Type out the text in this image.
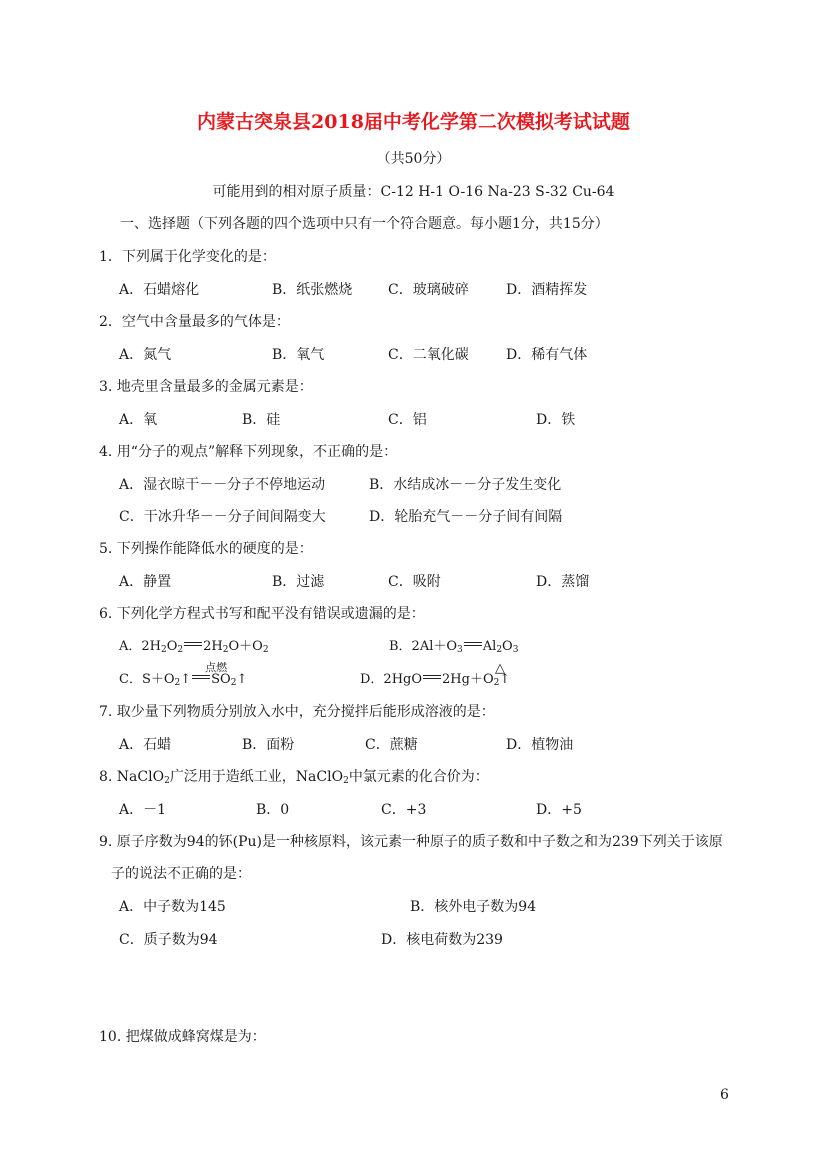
内蒙古突泉县2018届中考化学第二次模拟考试试题
（共50分）
可能用到的相对原子质量：C-12 H-1 O-16 Na-23 S-32 Cu-64
一、选择题（下列各题的四个选项中只有一个符合题意。每小题1分，共15分）
1．下列属于化学变化的是：
A．石蜡熔化	B．纸张燃烧	C．玻璃破碎	D．酒精挥发
2．空气中含量最多的气体是：
A．氮气	B．氧气	C．二氧化碳	D．稀有气体
3. 地壳里含量最多的金属元素是：
A．氧	B．硅	C．铝	D．铁
4. 用“分子的观点”解释下列现象，不正确的是：
A．湿衣晾干－－分子不停地运动	B．水结成冰－－分子发生变化
C．干冰升华－－分子间间隔变大	D．轮胎充气－－分子间有间隔
5. 下列操作能降低水的硬度的是：
A．静置	B．过滤	C．吸附	D．蒸馏
6. 下列化学方程式书写和配平没有错误或遗漏的是：
A．$2H_2O_2$ $2H_2O+O_2$	B．$2Al+O_3$ $Al_2O_3$
C．$S+O_2↑$
点燃
$SO_2↑$	D．2HgO $2Hg+O_2↑$
△
7. 取少量下列物质分别放入水中，充分搅拌后能形成溶液的是：
A．石蜡	B．面粉	C．蔗糖	D．植物油
8. NaClO$_2$广泛用于造纸工业，NaClO$_2$中氯元素的化合价为：
A．－1	B．0	C．+3	D．+5
9. 原子序数为94的钚(Pu)是一种核原料，该元素一种原子的质子数和中子数之和为239下列关于该原
子的说法不正确的是：
A．中子数为145	B．核外电子数为94
C．质子数为94	D．核电荷数为239
10. 把煤做成蜂窝煤是为：
6
